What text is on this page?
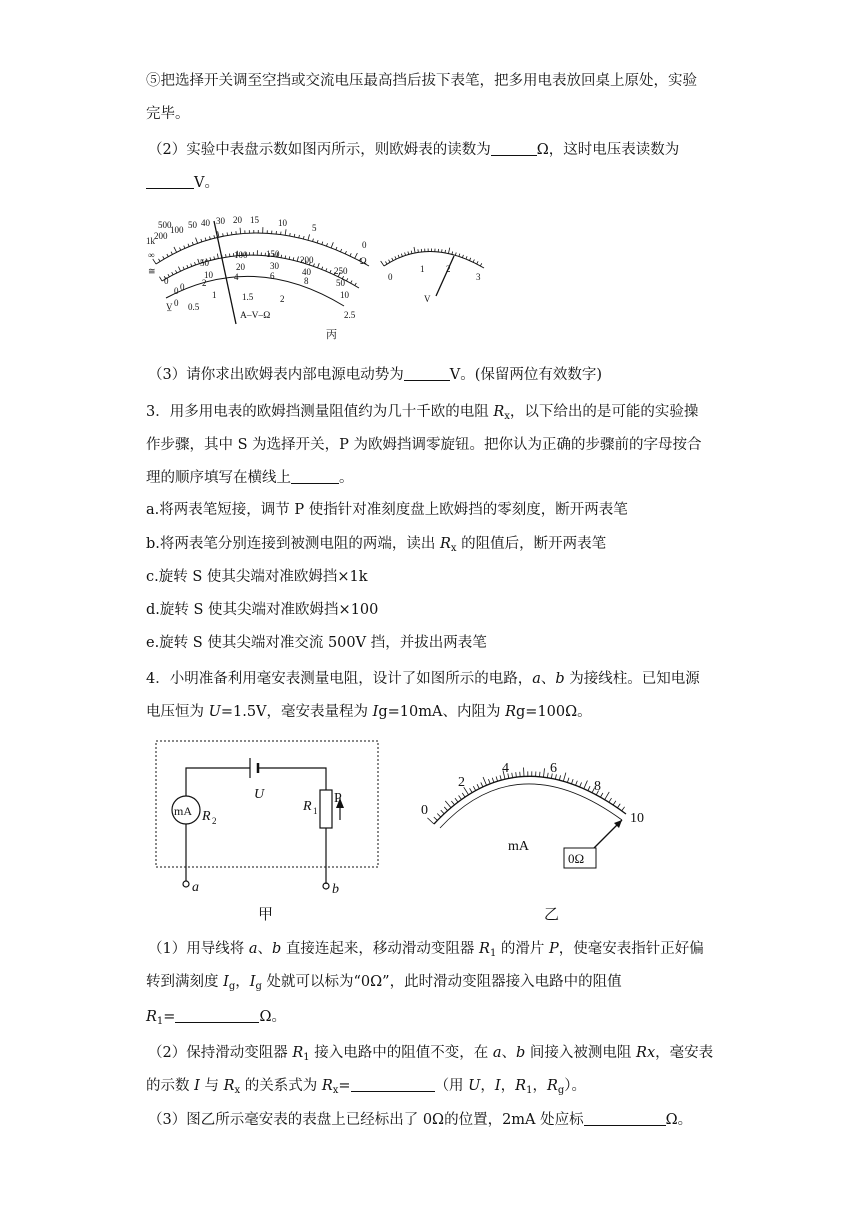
⑤把选择开关调至空挡或交流电压最高挡后拔下表笔，把多用电表放回桌上原处，实验
完毕。
（2）实验中表盘示数如图丙所示，则欧姆表的读数为	Ω，这时电压表读数为
V。
1k
500
200
100 50 40 30 20 15 10	5
0
Ω
0
50
100 150
200
250
0
10
20	30
40
50
0 2
4	6	8
10
0 0.5
1	1.5	2
2.5
∞
≅
V̲
A–V–Ω
丙
0
1 2
3
V
（3）请你求出欧姆表内部电源电动势为	V。(保留两位有效数字)
3．用多用电表的欧姆挡测量阻值约为几十千欧的电阻 $R_x$，以下给出的是可能的实验操
作步骤，其中 S 为选择开关，P 为欧姆挡调零旋钮。把你认为正确的步骤前的字母按合
理的顺序填写在横线上	。
a.将两表笔短接，调节 P 使指针对准刻度盘上欧姆挡的零刻度，断开两表笔
b.将两表笔分别连接到被测电阻的两端，读出 $R_x$ 的阻值后，断开两表笔
c.旋转 S 使其尖端对准欧姆挡×1k
d.旋转 S 使其尖端对准欧姆挡×100
e.旋转 S 使其尖端对准交流 500V 挡，并拔出两表笔
4．小明准备利用毫安表测量电阻，设计了如图所示的电路，a、b 为接线柱。已知电源
电压恒为 U=1.5V，毫安表量程为 Ig=10mA、内阻为 Rg=100Ω。
mA R 2
U
R 1
P
a	b
甲
0
2
4	6
8
10
mA
0Ω
乙
（1）用导线将 a、b 直接连起来，移动滑动变阻器 $R_1$ 的滑片 P，使毫安表指针正好偏
转到满刻度 $I_g$，$I_g$ 处就可以标为“0Ω”，此时滑动变阻器接入电路中的阻值
$R_1=$	Ω。
（2）保持滑动变阻器 $R_1$ 接入电路中的阻值不变，在 a、b 间接入被测电阻 Rx，毫安表
的示数 I 与 $R_x$ 的关系式为 $R_x=$	（用 U，I，$R_1$，$R_g$）。
（3）图乙所示毫安表的表盘上已经标出了 0Ω的位置，2mA 处应标	Ω。
